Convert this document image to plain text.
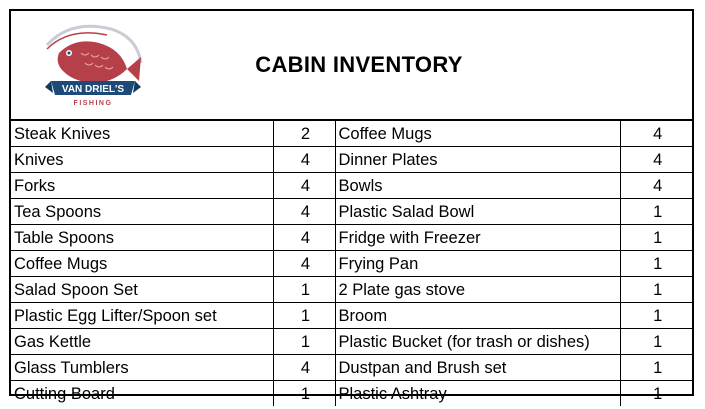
VAN DRIEL'S
FISHING
CABIN INVENTORY
Steak Knives	2	Coffee Mugs	4
Knives	4	Dinner Plates	4
Forks	4	Bowls	4
Tea Spoons	4	Plastic Salad Bowl	1
Table Spoons	4	Fridge with Freezer	1
Coffee Mugs	4	Frying Pan	1
Salad Spoon Set	1	2 Plate gas stove	1
Plastic Egg Lifter/Spoon set	1	Broom	1
Gas Kettle	1	Plastic Bucket (for trash or dishes)	1
Glass Tumblers	4	Dustpan and Brush set	1
Cutting Board	1	Plastic Ashtray	1
